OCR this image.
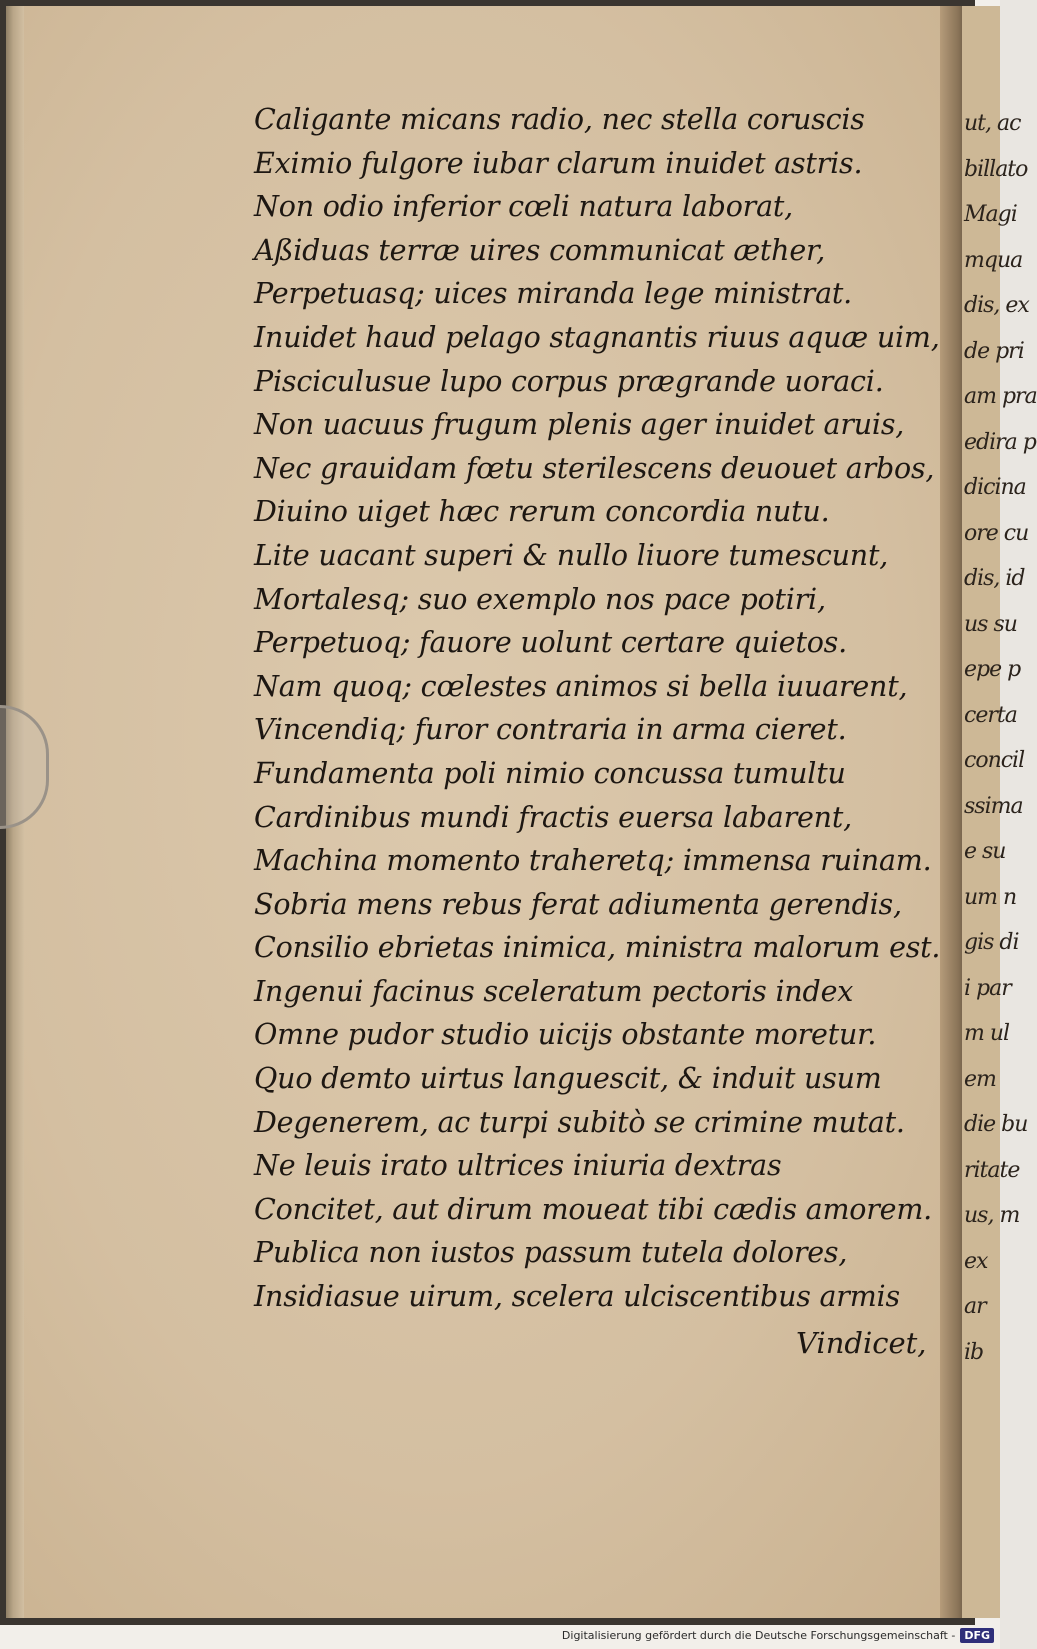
ut, ac
billato
Magi
mqua
dis, ex
de pri
am pra
edira p
dicina
ore cu
dis, id
us su
epe p
certa
concil
ssima
e su
um n
gis di
i par
m ul
em
die bu
ritate
us, m
ex
ar
ib
Caligante micans radio, nec stella coruscis
Eximio fulgore iubar clarum inuidet astris.
Non odio inferior cœli natura laborat,
Aßiduas terræ uires communicat æther,
Perpetuasq; uices miranda lege ministrat.
Inuidet haud pelago stagnantis riuus aquæ uim,
Pisciculusue lupo corpus prægrande uoraci.
Non uacuus frugum plenis ager inuidet aruis,
Nec grauidam fœtu sterilescens deuouet arbos,
Diuino uiget hæc rerum concordia nutu.
Lite uacant superi & nullo liuore tumescunt,
Mortalesq; suo exemplo nos pace potiri,
Perpetuoq; fauore uolunt certare quietos.
Nam quoq; cœlestes animos si bella iuuarent,
Vincendiq; furor contraria in arma cieret.
Fundamenta poli nimio concussa tumultu
Cardinibus mundi fractis euersa labarent,
Machina momento traheretq; immensa ruinam.
Sobria mens rebus ferat adiumenta gerendis,
Consilio ebrietas inimica, ministra malorum est.
Ingenui facinus sceleratum pectoris index
Omne pudor studio uicijs obstante moretur.
Quo demto uirtus languescit, & induit usum
Degenerem, ac turpi subitò se crimine mutat.
Ne leuis irato ultrices iniuria dextras
Concitet, aut dirum moueat tibi cædis amorem.
Publica non iustos passum tutela dolores,
Insidiasue uirum, scelera ulciscentibus armis
Vindicet,
Digitalisierung gefördert durch die Deutsche Forschungsgemeinschaft - DFG
